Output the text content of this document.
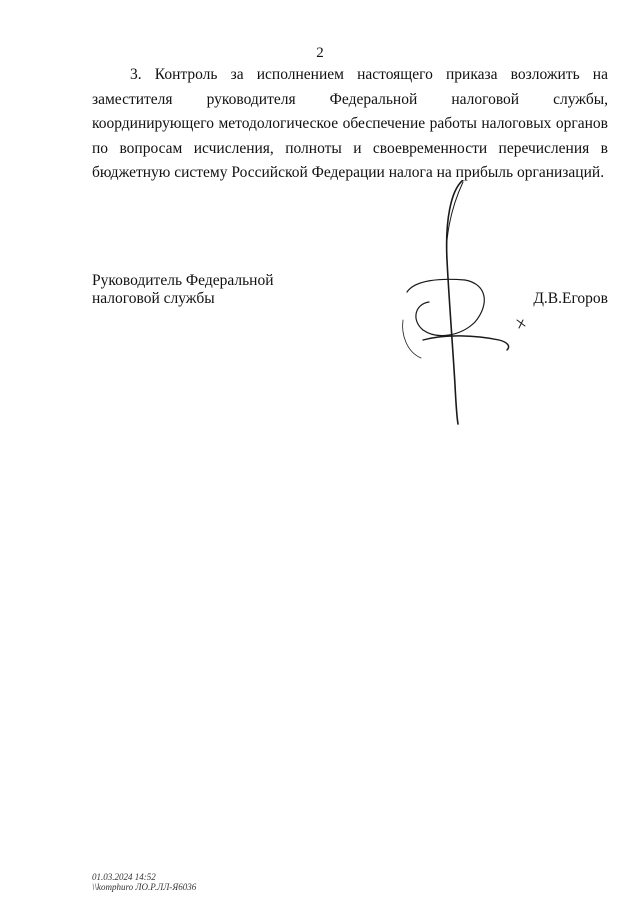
2

3. Контроль за исполнением настоящего приказа возложить на заместителя руководителя Федеральной налоговой службы, координирующего методологическое обеспечение работы налоговых органов по вопросам исчисления, полноты и своевременности перечисления в бюджетную систему Российской Федерации налога на прибыль организаций.

Руководитель Федеральной
налоговой службы	Д.В.Егоров
01.03.2024 14:52
\\komphuro ЛО.Р.ЛЛ-Я6036
